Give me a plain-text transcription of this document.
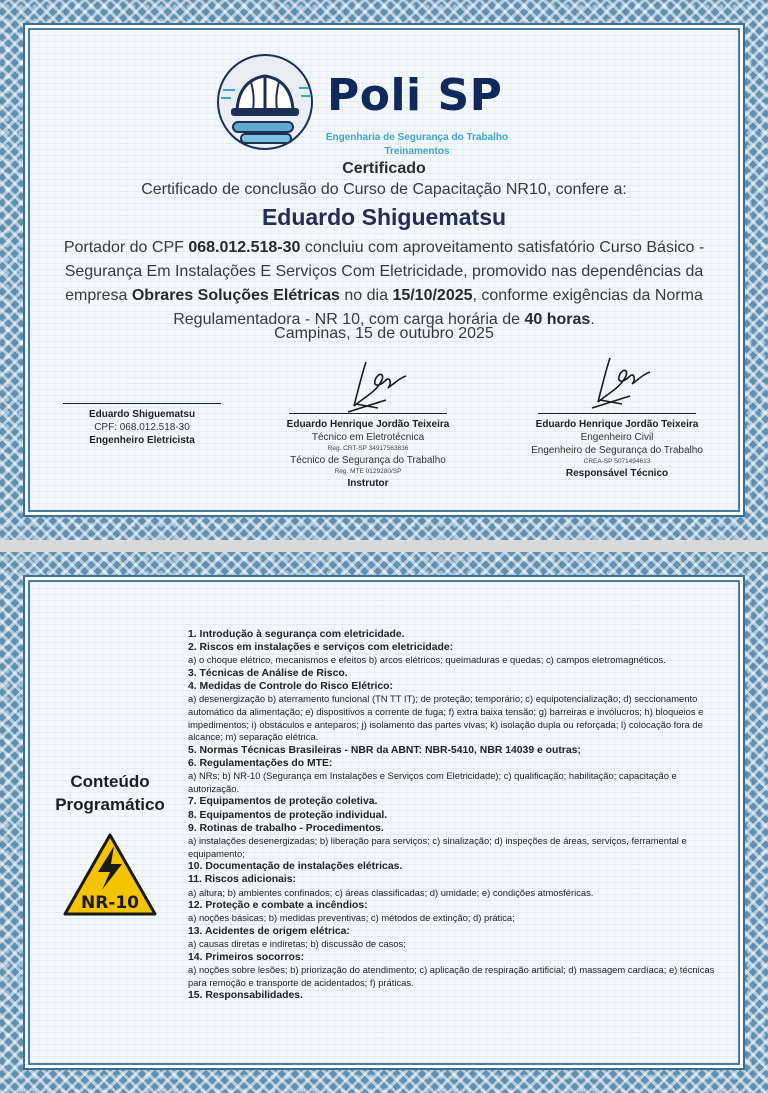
Poli SP
Engenharia de Segurança do Trabalho
Treinamentos
Certificado
Certificado de conclusão do Curso de Capacitação NR10, confere a:
Eduardo Shiguematsu
Portador do CPF 068.012.518-30 concluiu com aproveitamento satisfatório Curso Básico - Segurança Em Instalações E Serviços Com Eletricidade, promovido nas dependências da empresa Obrares Soluções Elétricas no dia 15/10/2025, conforme exigências da Norma Regulamentadora - NR 10, com carga horária de 40 horas.
Campinas, 15 de outubro 2025
Eduardo Shiguematsu
CPF: 068.012.518-30
Engenheiro Eletricista
Eduardo Henrique Jordão Teixeira
Técnico em Eletrotécnica
Reg. CRT-SP 34917563836
Técnico de Segurança do Trabalho
Reg. MTE 0129280/SP
Instrutor
Eduardo Henrique Jordão Teixeira
Engenheiro Civil
Engenheiro de Segurança do Trabalho
CREA-SP 5071494613
Responsável Técnico
Conteúdo
Programático
NR-10
1. Introdução à segurança com eletricidade.
2. Riscos em instalações e serviços com eletricidade:
a) o choque elétrico, mecanismos e efeitos b) arcos elétricos; queimaduras e quedas; c) campos eletromagnéticos.
3. Técnicas de Análise de Risco.
4. Medidas de Controle do Risco Elétrico:
a) desenergização b) aterramento funcional (TN TT IT); de proteção; temporário; c) equipotencialização; d) seccionamento automático da alimentação; e) dispositivos a corrente de fuga; f) extra baixa tensão; g) barreiras e invólucros; h) bloqueios e impedimentos; i) obstáculos e anteparos; j) isolamento das partes vivas; k) isolação dupla ou reforçada; l) colocação fora de alcance; m) separação elétrica.
5. Normas Técnicas Brasileiras - NBR da ABNT: NBR-5410, NBR 14039 e outras;
6. Regulamentações do MTE:
a) NRs; b) NR-10 (Segurança em Instalações e Serviços com Eletricidade); c) qualificação; habilitação; capacitação e autorização.
7. Equipamentos de proteção coletiva.
8. Equipamentos de proteção individual.
9. Rotinas de trabalho - Procedimentos.
a) instalações desenergizadas; b) liberação para serviços; c) sinalização; d) inspeções de áreas, serviços, ferramental e equipamento;
10. Documentação de instalações elétricas.
11. Riscos adicionais:
a) altura; b) ambientes confinados; c) áreas classificadas; d) umidade; e) condições atmosféricas.
12. Proteção e combate a incêndios:
a) noções básicas; b) medidas preventivas; c) métodos de extinção; d) prática;
13. Acidentes de origem elétrica:
a) causas diretas e indiretas; b) discussão de casos;
14. Primeiros socorros:
a) noções sobre lesões; b) priorização do atendimento; c) aplicação de respiração artificial; d) massagem cardíaca; e) técnicas para remoção e transporte de acidentados; f) práticas.
15. Responsabilidades.
